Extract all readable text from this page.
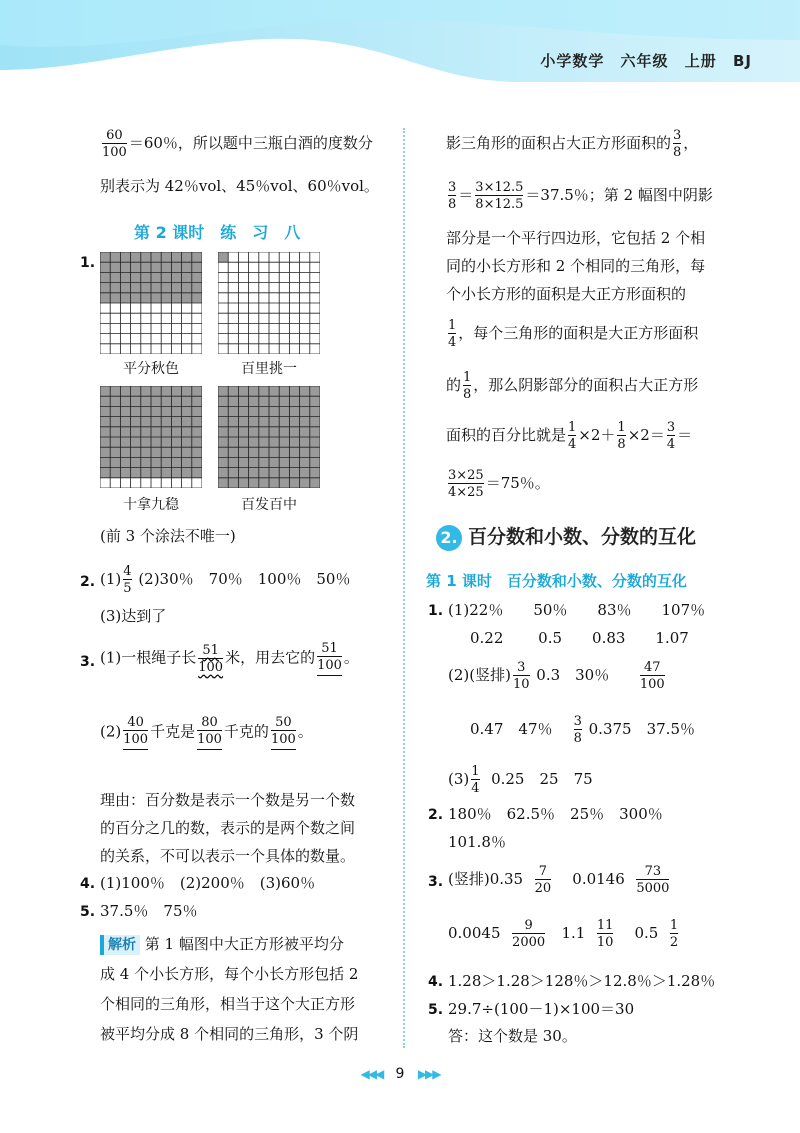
小学数学 六年级 上册 BJ
$\frac{60}{100} =60$％，所以题中三瓶白酒的度数分
别表示为 42％vol、45％vol、60％vol。
第 2 课时　练　习　八
1.
平分秋色	百里挑一
十拿九稳	百发百中
(前 3 个涂法不唯一)
2. $(1) \frac{4}{5} (2)30$％　70％　100％　50％
(3)达到了
3. (1)一根绳子长 $\frac{51}{100}$ 米，用去它的 $\frac{51}{100}$ 。
$(2) \frac{40}{100}$ 千克是 $\frac{80}{100}$ 千克的 $\frac{50}{100}$ 。
理由：百分数是表示一个数是另一个数
的百分之几的数，表示的是两个数之间
的关系，不可以表示一个具体的数量。
4. (1)100％　(2)200％　(3)60％
5. 37.5％　75％
解析 第 1 幅图中大正方形被平均分
成 4 个小长方形，每个小长方形包括 2
个相同的三角形，相当于这个大正方形
被平均分成 8 个相同的三角形，3 个阴
影三角形的面积占大正方形面积的 $\frac{3}{8}$ ，
$\frac{3}{8} = \frac{3\times 12.5}{8\times 12.5} =37.5$％；第 2 幅图中阴影
部分是一个平行四边形，它包括 2 个相
同的小长方形和 2 个相同的三角形，每
个小长方形的面积是大正方形面积的
$\frac{1}{4}$ ，每个三角形的面积是大正方形面积
的 $\frac{1}{8}$ ，那么阴影部分的面积占大正方形
面积的百分比就是 $\frac{1}{4} \times 2+ \frac{1}{8} \times 2= \frac{3}{4}$ ＝
$\frac{3\times 25}{4\times 25} =75$％。
2. 百分数和小数、分数的互化
第 1 课时　百分数和小数、分数的互化
1. (1)22％　　50％　　83％　　107％
0.22　　 0.5　　0.83　　1.07
(2)(竖排) $\frac{3}{10} 0.3$　30％ $\frac{47}{100}$
0.47　47％ $\frac{3}{8} 0.375$　37.5％
$(3) \frac{1}{4} 0.25$　25　75
2. 180％　62.5％　25％　300％
101.8％
3. (竖排)$0.35 \frac{7}{20} 0.0146 \frac{73}{5000}$
$0.0045 \frac{9}{2000} 1.1 \frac{11}{10} 0.5 \frac{1}{2}$
4. 1.28＞1.28＞128％＞12.8％＞1.28％
5. 29.7÷(100－1)×100＝30
答：这个数是 30。
◀◀◀ 9 ▶▶▶
